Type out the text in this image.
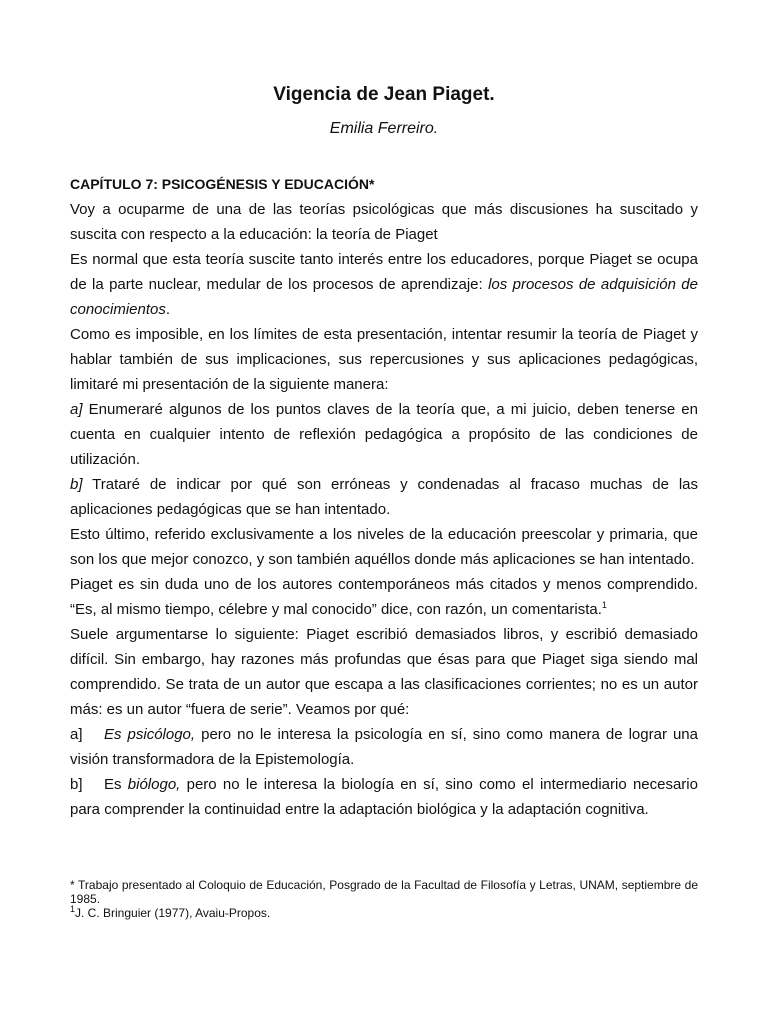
Vigencia de Jean Piaget.

Emilia Ferreiro.

CAPÍTULO 7: PSICOGÉNESIS Y EDUCACIÓN*

Voy a ocuparme de una de las teorías psicológicas que más discusiones ha suscitado y suscita con respecto a la educación: la teoría de Piaget

Es normal que esta teoría suscite tanto interés entre los educadores, porque Piaget se ocupa de la parte nuclear, medular de los procesos de aprendizaje: los procesos de adquisición de conocimientos.

Como es imposible, en los límites de esta presentación, intentar resumir la teoría de Piaget y hablar también de sus implicaciones, sus repercusiones y sus aplicaciones pedagógicas, limitaré mi presentación de la siguiente manera:

a] Enumeraré algunos de los puntos claves de la teoría que, a mi juicio, deben tenerse en cuenta en cualquier intento de reflexión pedagógica a propósito de las condiciones de utilización.

b] Trataré de indicar por qué son erróneas y condenadas al fracaso muchas de las aplicaciones pedagógicas que se han intentado.

Esto último, referido exclusivamente a los niveles de la educación preescolar y primaria, que son los que mejor conozco, y son también aquéllos donde más aplicaciones se han intentado.

Piaget es sin duda uno de los autores contemporáneos más citados y menos comprendido. “Es, al mismo tiempo, célebre y mal conocido” dice, con razón, un comentarista.$^1$

Suele argumentarse lo siguiente: Piaget escribió demasiados libros, y escribió demasiado difícil. Sin embargo, hay razones más profundas que ésas para que Piaget siga siendo mal comprendido. Se trata de un autor que escapa a las clasificaciones corrientes; no es un autor más: es un autor “fuera de serie”. Veamos por qué:

a] Es psicólogo, pero no le interesa la psicología en sí, sino como manera de lograr una visión transformadora de la Epistemología.

b] Es biólogo, pero no le interesa la biología en sí, sino como el intermediario necesario para comprender la continuidad entre la adaptación biológica y la adaptación cognitiva.

* Trabajo presentado al Coloquio de Educación, Posgrado de la Facultad de Filosofía y Letras, UNAM, septiembre de 1985.

$^1$J. C. Bringuier (1977), Avaiu-Propos.
